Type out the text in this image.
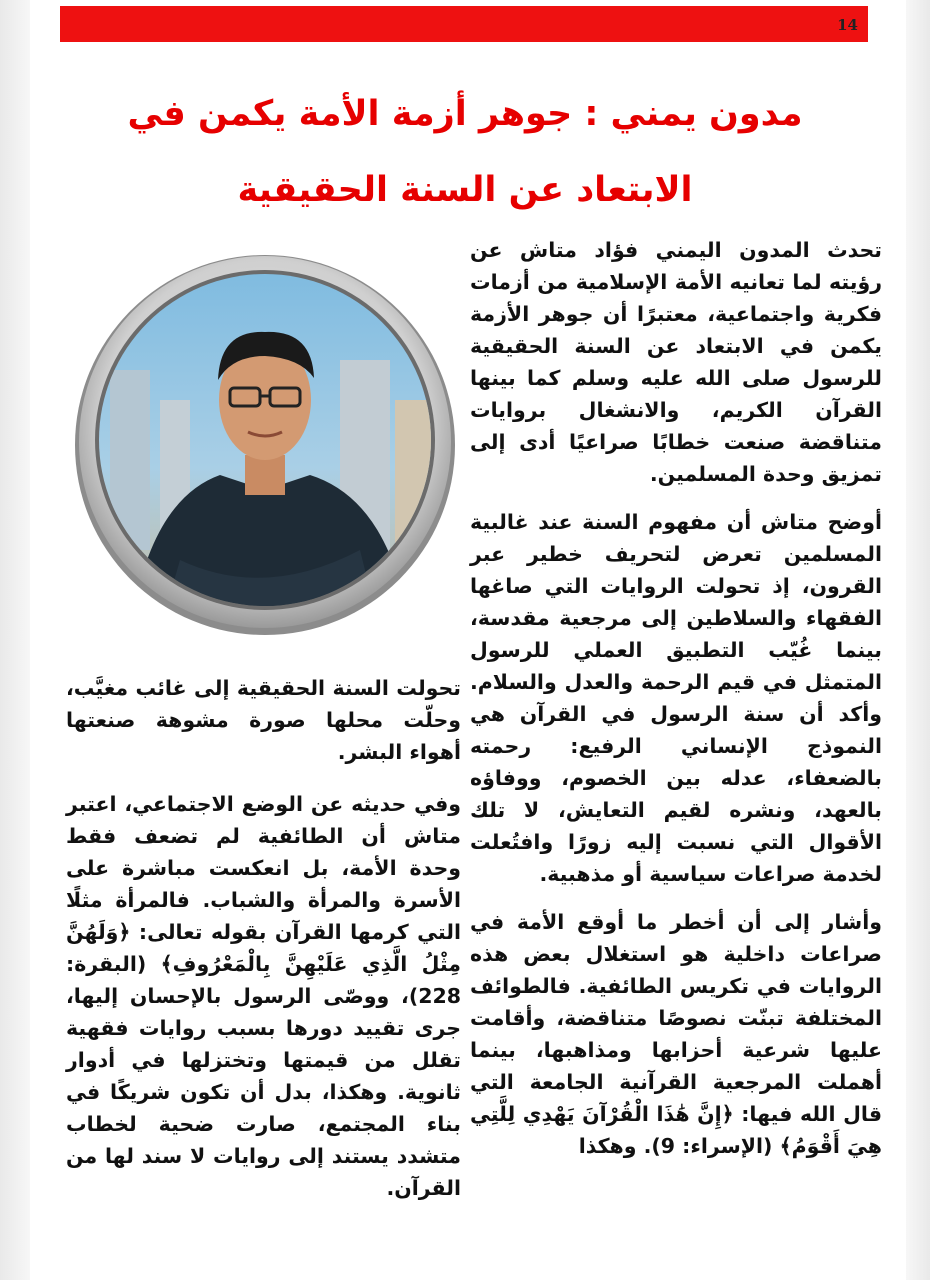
14
مدون يمني : جوهر أزمة الأمة يكمن في الابتعاد عن السنة الحقيقية

تحدث المدون اليمني فؤاد متاش عن رؤيته لما تعانيه الأمة الإسلامية من أزمات فكرية واجتماعية، معتبرًا أن جوهر الأزمة يكمن في الابتعاد عن السنة الحقيقية للرسول صلى الله عليه وسلم كما بينها القرآن الكريم، والانشغال بروايات متناقضة صنعت خطابًا صراعيًا أدى إلى تمزيق وحدة المسلمين.

أوضح متاش أن مفهوم السنة عند غالبية المسلمين تعرض لتحريف خطير عبر القرون، إذ تحولت الروايات التي صاغها الفقهاء والسلاطين إلى مرجعية مقدسة، بينما غُيّب التطبيق العملي للرسول المتمثل في قيم الرحمة والعدل والسلام. وأكد أن سنة الرسول في القرآن هي النموذج الإنساني الرفيع: رحمته بالضعفاء، عدله بين الخصوم، ووفاؤه بالعهد، ونشره لقيم التعايش، لا تلك الأقوال التي نسبت إليه زورًا وافتُعلت لخدمة صراعات سياسية أو مذهبية.

وأشار إلى أن أخطر ما أوقع الأمة في صراعات داخلية هو استغلال بعض هذه الروايات في تكريس الطائفية. فالطوائف المختلفة تبنّت نصوصًا متناقضة، وأقامت عليها شرعية أحزابها ومذاهبها، بينما أهملت المرجعية القرآنية الجامعة التي قال الله فيها: ﴿إِنَّ هَٰذَا الْقُرْآنَ يَهْدِي لِلَّتِي هِيَ أَقْوَمُ﴾ (الإسراء: 9). وهكذا

تحولت السنة الحقيقية إلى غائب مغيَّب، وحلّت محلها صورة مشوهة صنعتها أهواء البشر.

وفي حديثه عن الوضع الاجتماعي، اعتبر متاش أن الطائفية لم تضعف فقط وحدة الأمة، بل انعكست مباشرة على الأسرة والمرأة والشباب. فالمرأة مثلًا التي كرمها القرآن بقوله تعالى: ﴿وَلَهُنَّ مِثْلُ الَّذِي عَلَيْهِنَّ بِالْمَعْرُوفِ﴾ (البقرة: 228)، ووصّى الرسول بالإحسان إليها، جرى تقييد دورها بسبب روايات فقهية تقلل من قيمتها وتختزلها في أدوار ثانوية. وهكذا، بدل أن تكون شريكًا في بناء المجتمع، صارت ضحية لخطاب متشدد يستند إلى روايات لا سند لها من القرآن.
